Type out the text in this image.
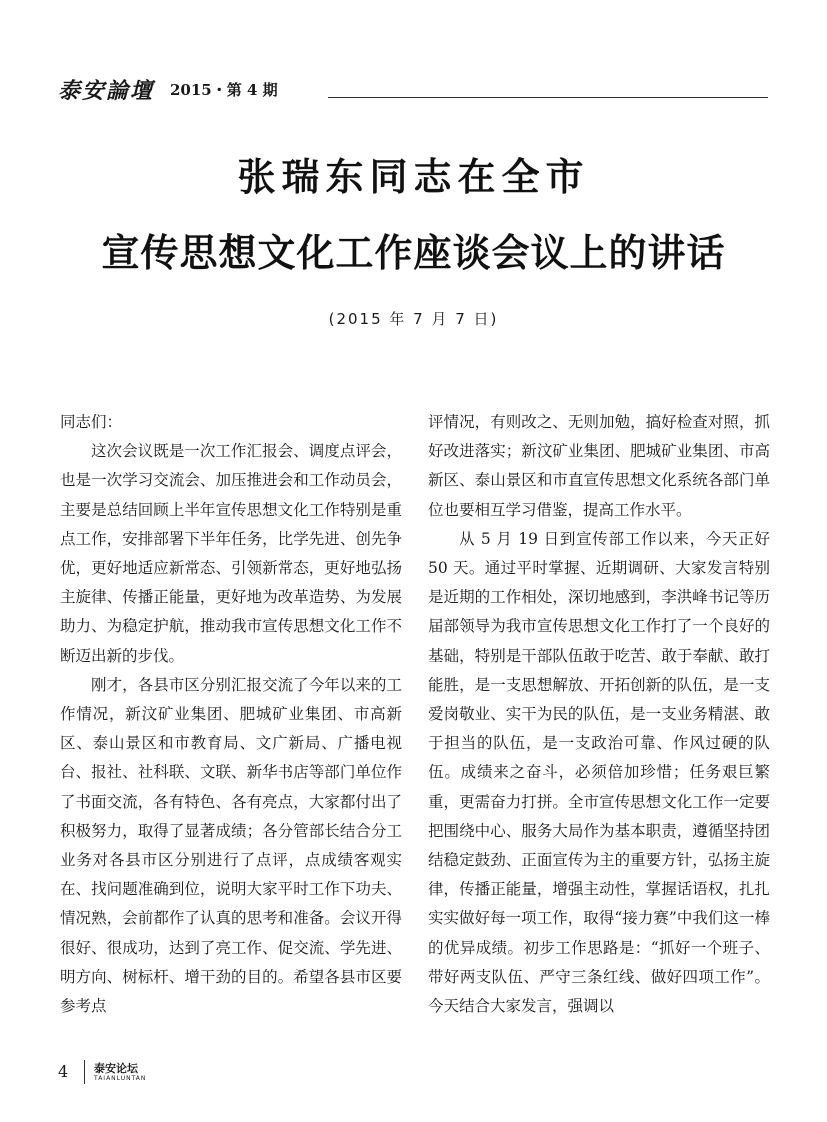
泰安論壇 2015・第 4 期
张瑞东同志在全市
宣传思想文化工作座谈会议上的讲话
(2015 年 7 月 7 日)

同志们：

这次会议既是一次工作汇报会、调度点评会，也是一次学习交流会、加压推进会和工作动员会，主要是总结回顾上半年宣传思想文化工作特别是重点工作，安排部署下半年任务，比学先进、创先争优，更好地适应新常态、引领新常态，更好地弘扬主旋律、传播正能量，更好地为改革造势、为发展助力、为稳定护航，推动我市宣传思想文化工作不断迈出新的步伐。

刚才，各县市区分别汇报交流了今年以来的工作情况，新汶矿业集团、肥城矿业集团、市高新区、泰山景区和市教育局、文广新局、广播电视台、报社、社科联、文联、新华书店等部门单位作了书面交流，各有特色、各有亮点，大家都付出了积极努力，取得了显著成绩；各分管部长结合分工业务对各县市区分别进行了点评，点成绩客观实在、找问题准确到位，说明大家平时工作下功夫、情况熟，会前都作了认真的思考和准备。会议开得很好、很成功，达到了亮工作、促交流、学先进、明方向、树标杆、增干劲的目的。希望各县市区要参考点

评情况，有则改之、无则加勉，搞好检查对照，抓好改进落实；新汶矿业集团、肥城矿业集团、市高新区、泰山景区和市直宣传思想文化系统各部门单位也要相互学习借鉴，提高工作水平。

从 5 月 19 日到宣传部工作以来，今天正好 50 天。通过平时掌握、近期调研、大家发言特别是近期的工作相处，深切地感到，李洪峰书记等历届部领导为我市宣传思想文化工作打了一个良好的基础，特别是干部队伍敢于吃苦、敢于奉献、敢打能胜，是一支思想解放、开拓创新的队伍，是一支爱岗敬业、实干为民的队伍，是一支业务精湛、敢于担当的队伍，是一支政治可靠、作风过硬的队伍。成绩来之奋斗，必须倍加珍惜；任务艰巨繁重，更需奋力打拼。全市宣传思想文化工作一定要把围绕中心、服务大局作为基本职责，遵循坚持团结稳定鼓劲、正面宣传为主的重要方针，弘扬主旋律，传播正能量，增强主动性，掌握话语权，扎扎实实做好每一项工作，取得“接力赛”中我们这一棒的优异成绩。初步工作思路是：“抓好一个班子、带好两支队伍、严守三条红线、做好四项工作”。今天结合大家发言，强调以

4 泰安论坛
TAIANLUNTAN
